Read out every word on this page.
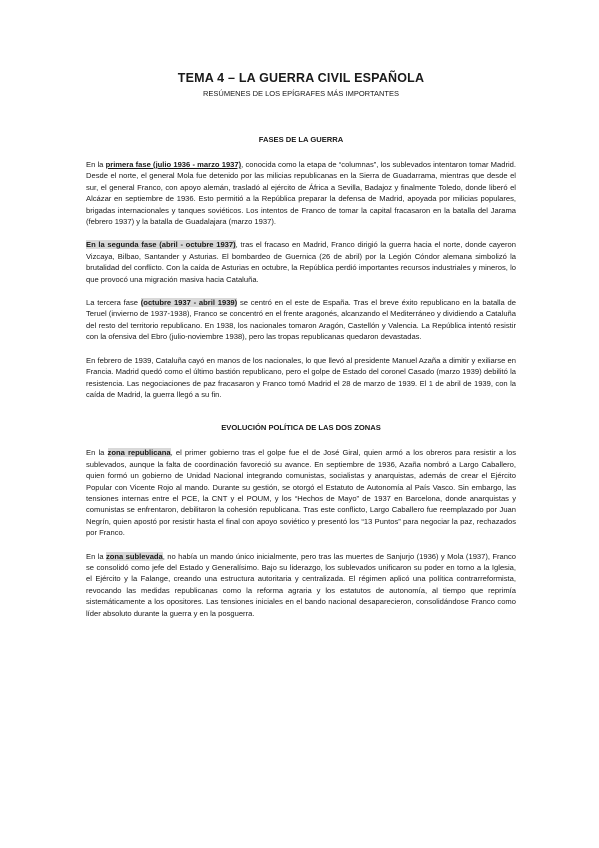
TEMA 4 – LA GUERRA CIVIL ESPAÑOLA
RESÚMENES DE LOS EPÍGRAFES MÁS IMPORTANTES
FASES DE LA GUERRA

En la primera fase (julio 1936 - marzo 1937), conocida como la etapa de “columnas”, los sublevados intentaron tomar Madrid. Desde el norte, el general Mola fue detenido por las milicias republicanas en la Sierra de Guadarrama, mientras que desde el sur, el general Franco, con apoyo alemán, trasladó al ejército de África a Sevilla, Badajoz y finalmente Toledo, donde liberó el Alcázar en septiembre de 1936. Esto permitió a la República preparar la defensa de Madrid, apoyada por milicias populares, brigadas internacionales y tanques soviéticos. Los intentos de Franco de tomar la capital fracasaron en la batalla del Jarama (febrero 1937) y la batalla de Guadalajara (marzo 1937).

En la segunda fase (abril - octubre 1937), tras el fracaso en Madrid, Franco dirigió la guerra hacia el norte, donde cayeron Vizcaya, Bilbao, Santander y Asturias. El bombardeo de Guernica (26 de abril) por la Legión Cóndor alemana simbolizó la brutalidad del conflicto. Con la caída de Asturias en octubre, la República perdió importantes recursos industriales y mineros, lo que provocó una migración masiva hacia Cataluña.

La tercera fase (octubre 1937 - abril 1939) se centró en el este de España. Tras el breve éxito republicano en la batalla de Teruel (invierno de 1937-1938), Franco se concentró en el frente aragonés, alcanzando el Mediterráneo y dividiendo a Cataluña del resto del territorio republicano. En 1938, los nacionales tomaron Aragón, Castellón y Valencia. La República intentó resistir con la ofensiva del Ebro (julio-noviembre 1938), pero las tropas republicanas quedaron devastadas.

En febrero de 1939, Cataluña cayó en manos de los nacionales, lo que llevó al presidente Manuel Azaña a dimitir y exiliarse en Francia. Madrid quedó como el último bastión republicano, pero el golpe de Estado del coronel Casado (marzo 1939) debilitó la resistencia. Las negociaciones de paz fracasaron y Franco tomó Madrid el 28 de marzo de 1939. El 1 de abril de 1939, con la caída de Madrid, la guerra llegó a su fin.

EVOLUCIÓN POLÍTICA DE LAS DOS ZONAS

En la zona republicana, el primer gobierno tras el golpe fue el de José Giral, quien armó a los obreros para resistir a los sublevados, aunque la falta de coordinación favoreció su avance. En septiembre de 1936, Azaña nombró a Largo Caballero, quien formó un gobierno de Unidad Nacional integrando comunistas, socialistas y anarquistas, además de crear el Ejército Popular con Vicente Rojo al mando. Durante su gestión, se otorgó el Estatuto de Autonomía al País Vasco. Sin embargo, las tensiones internas entre el PCE, la CNT y el POUM, y los “Hechos de Mayo” de 1937 en Barcelona, donde anarquistas y comunistas se enfrentaron, debilitaron la cohesión republicana. Tras este conflicto, Largo Caballero fue reemplazado por Juan Negrín, quien apostó por resistir hasta el final con apoyo soviético y presentó los “13 Puntos” para negociar la paz, rechazados por Franco.

En la zona sublevada, no había un mando único inicialmente, pero tras las muertes de Sanjurjo (1936) y Mola (1937), Franco se consolidó como jefe del Estado y Generalísimo. Bajo su liderazgo, los sublevados unificaron su poder en torno a la Iglesia, el Ejército y la Falange, creando una estructura autoritaria y centralizada. El régimen aplicó una política contrarreformista, revocando las medidas republicanas como la reforma agraria y los estatutos de autonomía, al tiempo que reprimía sistemáticamente a los opositores. Las tensiones iniciales en el bando nacional desaparecieron, consolidándose Franco como líder absoluto durante la guerra y en la posguerra.
